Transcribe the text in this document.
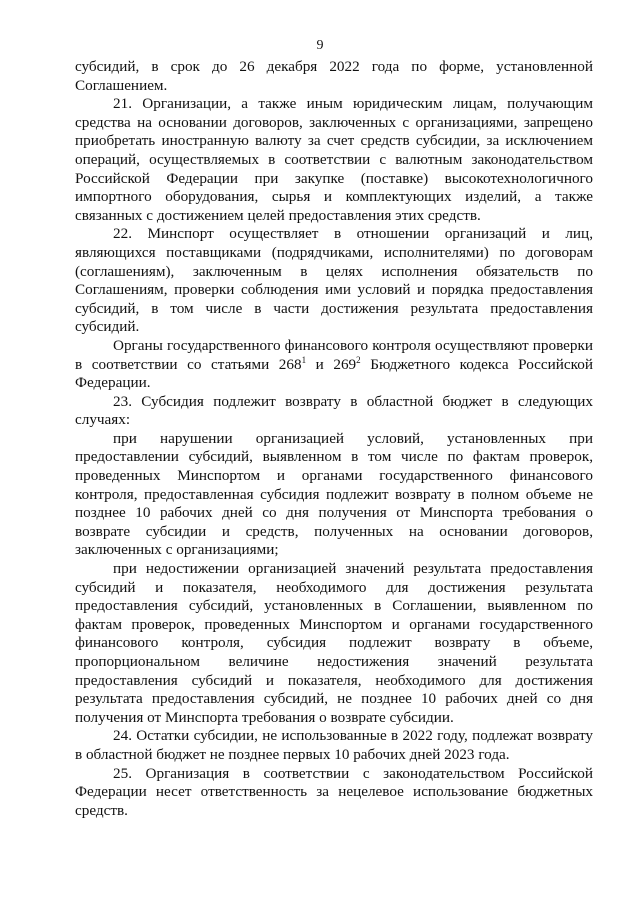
9

субсидий, в срок до 26 декабря 2022 года по форме, установленной Соглашением.

21. Организации, а также иным юридическим лицам, получающим средства на основании договоров, заключенных с организациями, запрещено приобретать иностранную валюту за счет средств субсидии, за исключением операций, осуществляемых в соответствии с валютным законодательством Российской Федерации при закупке (поставке) высокотехнологичного импортного оборудования, сырья и комплектующих изделий, а также связанных с достижением целей предоставления этих средств.

22. Минспорт осуществляет в отношении организаций и лиц, являющихся поставщиками (подрядчиками, исполнителями) по договорам (соглашениям), заключенным в целях исполнения обязательств по Соглашениям, проверки соблюдения ими условий и порядка предоставления субсидий, в том числе в части достижения результата предоставления субсидий.

Органы государственного финансового контроля осуществляют проверки в соответствии со статьями $268^1$ и $269^2$ Бюджетного кодекса Российской Федерации.

23. Субсидия подлежит возврату в областной бюджет в следующих случаях:

при нарушении организацией условий, установленных при предоставлении субсидий, выявленном в том числе по фактам проверок, проведенных Минспортом и органами государственного финансового контроля, предоставленная субсидия подлежит возврату в полном объеме не позднее 10 рабочих дней со дня получения от Минспорта требования о возврате субсидии и средств, полученных на основании договоров, заключенных с организациями;

при недостижении организацией значений результата предоставления субсидий и показателя, необходимого для достижения результата предоставления субсидий, установленных в Соглашении, выявленном по фактам проверок, проведенных Минспортом и органами государственного финансового контроля, субсидия подлежит возврату в объеме, пропорциональном величине недостижения значений результата предоставления субсидий и показателя, необходимого для достижения результата предоставления субсидий, не позднее 10 рабочих дней со дня получения от Минспорта требования о возврате субсидии.

24. Остатки субсидии, не использованные в 2022 году, подлежат возврату в областной бюджет не позднее первых 10 рабочих дней 2023 года.

25. Организация в соответствии с законодательством Российской Федерации несет ответственность за нецелевое использование бюджетных средств.
